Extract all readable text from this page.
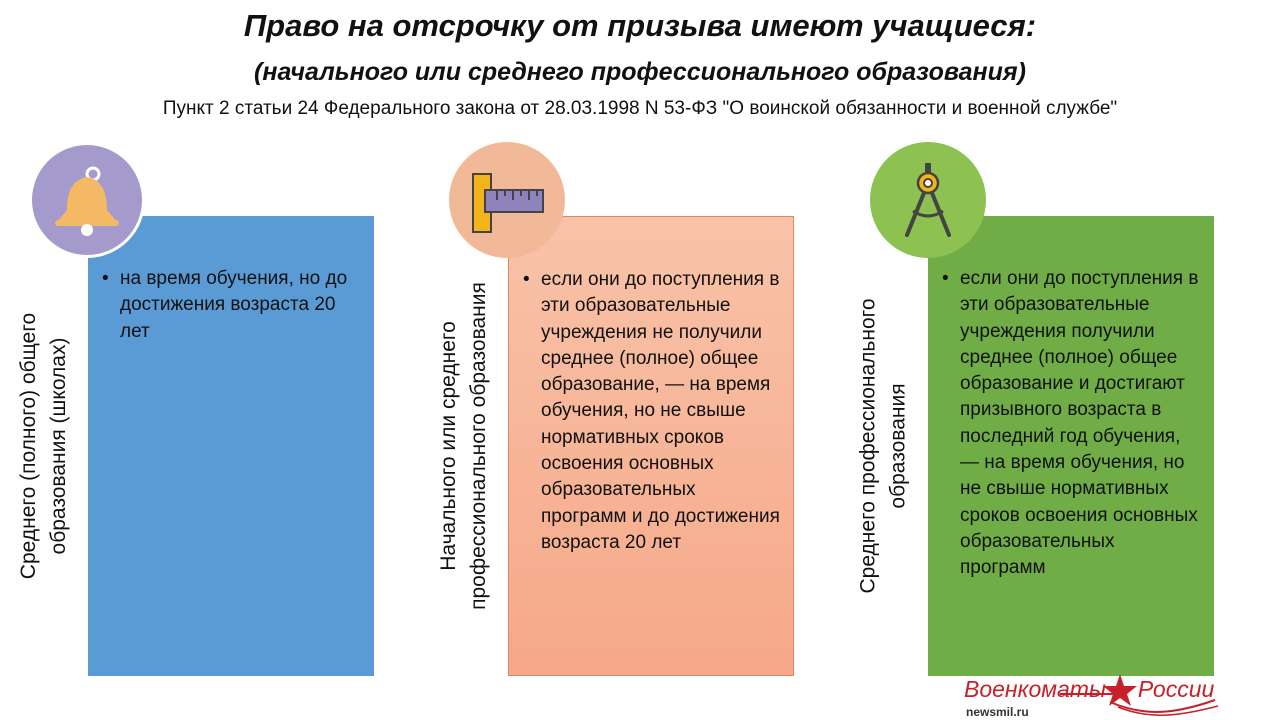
Право на отсрочку от призыва имеют учащиеся:
(начального или среднего профессионального образования)
Пункт 2 статьи 24 Федерального закона от 28.03.1998 N 53-ФЗ "О воинской обязанности и военной службе"
Среднего (полного) общего образования (школах)
• на время обучения, но до достижения возраста 20 лет	Начального или среднего профессионального образования
• если они до поступления в эти образовательные учреждения не получили среднее (полное) общее образование, — на время обучения, но не свыше нормативных сроков освоения основных образовательных программ и до достижения возраста 20 лет	Среднего профессионального образования
• если они до поступления в эти образовательные учреждения получили среднее (полное) общее образование и достигают призывного возраста в последний год обучения, — на время обучения, но не свыше нормативных сроков освоения основных образовательных программ
Военкоматы России
newsmil.ru
